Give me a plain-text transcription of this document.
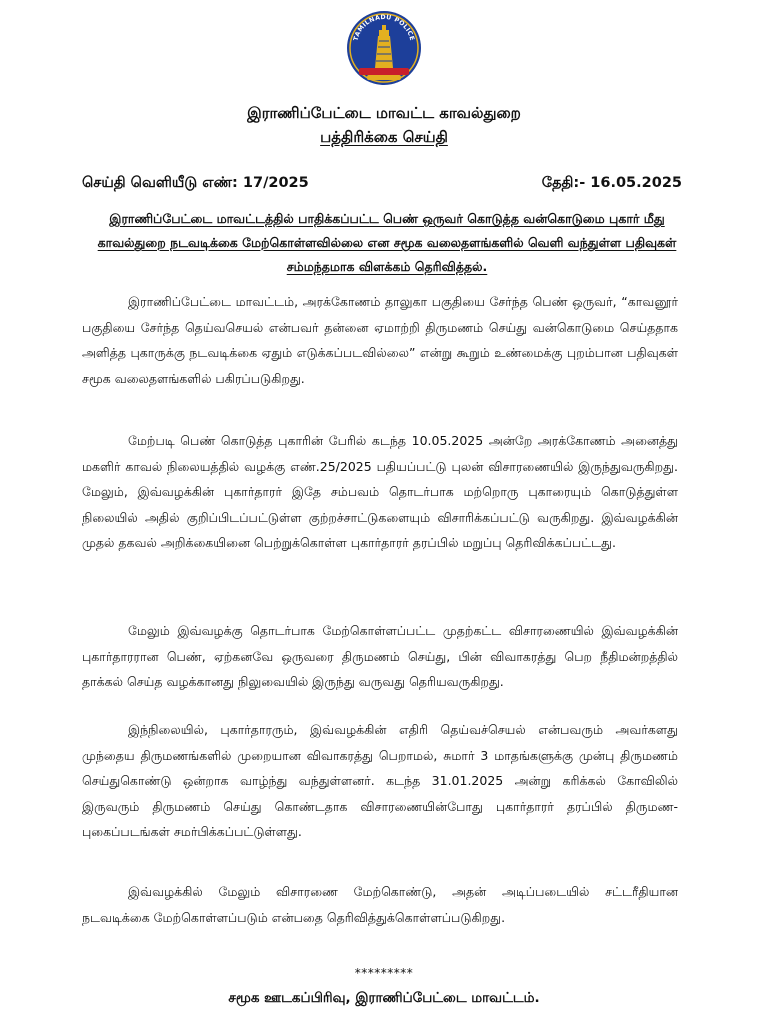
TAMILNADU POLICE
இராணிப்பேட்டை மாவட்ட காவல்துறை
பத்திரிக்கை செய்தி
செய்தி வெளியீடு எண்: 17/2025	தேதி:- 16.05.2025
இராணிப்பேட்டை மாவட்டத்தில் பாதிக்கப்பட்ட பெண் ஒருவர் கொடுத்த வன்கொடுமை புகார் மீது காவல்துறை நடவடிக்கை மேற்கொள்ளவில்லை என சமூக வலைதளங்களில் வெளி வந்துள்ள பதிவுகள் சம்மந்தமாக விளக்கம் தெரிவித்தல்.

இராணிப்பேட்டை மாவட்டம், அரக்கோணம் தாலுகா பகுதியை சேர்ந்த பெண் ஒருவர், “காவனூர் பகுதியை சேர்ந்த தெய்வசெயல் என்பவர் தன்னை ஏமாற்றி திருமணம் செய்து வன்கொடுமை செய்ததாக அளித்த புகாருக்கு நடவடிக்கை ஏதும் எடுக்கப்படவில்லை” என்று கூறும் உண்மைக்கு புறம்பான பதிவுகள் சமூக வலைதளங்களில் பகிரப்படுகிறது.

மேற்படி பெண் கொடுத்த புகாரின் பேரில் கடந்த 10.05.2025 அன்றே அரக்கோணம் அனைத்து மகளிர் காவல் நிலையத்தில் வழக்கு எண்.25/2025 பதியப்பட்டு புலன் விசாரணையில் இருந்துவருகிறது. மேலும், இவ்வழக்கின் புகார்தாரர் இதே சம்பவம் தொடர்பாக மற்றொரு புகாரையும் கொடுத்துள்ள நிலையில் அதில் குறிப்பிடப்பட்டுள்ள குற்றச்சாட்டுகளையும் விசாரிக்கப்பட்டு வருகிறது. இவ்வழக்கின் முதல் தகவல் அறிக்கையினை பெற்றுக்கொள்ள புகார்தாரர் தரப்பில் மறுப்பு தெரிவிக்கப்பட்டது.

மேலும் இவ்வழக்கு தொடர்பாக மேற்கொள்ளப்பட்ட முதற்கட்ட விசாரணையில் இவ்வழக்கின் புகார்தாரரான பெண், ஏற்கனவே ஒருவரை திருமணம் செய்து, பின் விவாகரத்து பெற நீதிமன்றத்தில் தாக்கல் செய்த வழக்கானது நிலுவையில் இருந்து வருவது தெரியவருகிறது.

இந்நிலையில், புகார்தாரரும், இவ்வழக்கின் எதிரி தெய்வச்செயல் என்பவரும் அவர்களது முந்தைய திருமணங்களில் முறையான விவாகரத்து பெறாமல், சுமார் 3 மாதங்களுக்கு முன்பு திருமணம் செய்துகொண்டு ஒன்றாக வாழ்ந்து வந்துள்ளனர். கடந்த 31.01.2025 அன்று கரிக்கல் கோவிலில் இருவரும் திருமணம் செய்து கொண்டதாக விசாரணையின்போது புகார்தாரர் தரப்பில் திருமண-புகைப்படங்கள் சமர்பிக்கப்பட்டுள்ளது.

இவ்வழக்கில் மேலும் விசாரணை மேற்கொண்டு, அதன் அடிப்படையில் சட்டரீதியான நடவடிக்கை மேற்கொள்ளப்படும் என்பதை தெரிவித்துக்கொள்ளப்படுகிறது.

*********
சமூக ஊடகப்பிரிவு, இராணிப்பேட்டை மாவட்டம்.
